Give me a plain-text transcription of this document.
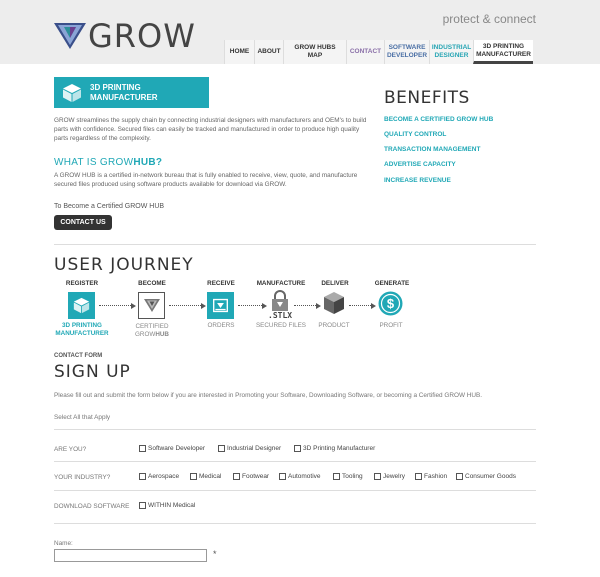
GROW	protect & connect
HOME	ABOUT
GROW HUBS MAP
CONTACT
SOFTWARE DEVELOPER
INDUSTRIAL DESIGNER
3D PRINTING MANUFACTURER
3D PRINTING MANUFACTURER
GROW streamlines the supply chain by connecting industrial designers with manufacturers and OEM's to build parts with confidence. Secured files can easily be tracked and manufactured in order to produce high quality parts regardless of the complexity.
WHAT IS GROWHUB?
A GROW HUB is a certified in-network bureau that is fully enabled to receive, view, quote, and manufacture secured files produced using software products available for download via GROW.
To Become a Certified GROW HUB
CONTACT US
BENEFITS
BECOME A CERTIFIED GROW HUB
QUALITY CONTROL
TRANSACTION MANAGEMENT
ADVERTISE CAPACITY
INCREASE REVENUE
USER JOURNEY
REGISTER	BECOME	RECEIVE	MANUFACTURE	DELIVER	GENERATE
3D PRINTING MANUFACTURER
CERTIFIED
GROWHUB
ORDERS
.STLX
SECURED FILES	PRODUCT
$
PROFIT
CONTACT FORM
SIGN UP
Please fill out and submit the form below if you are interested in Promoting your Software, Downloading Software, or becoming a Certified GROW HUB.
Select All that Apply
ARE YOU?	Software Developer	Industrial Designer	3D Printing Manufacturer
YOUR INDUSTRY?	Aerospace	Medical	Footwear	Automotive	Tooling	Jewelry	Fashion	Consumer Goods
DOWNLOAD SOFTWARE	WITHIN Medical
Name:
*
